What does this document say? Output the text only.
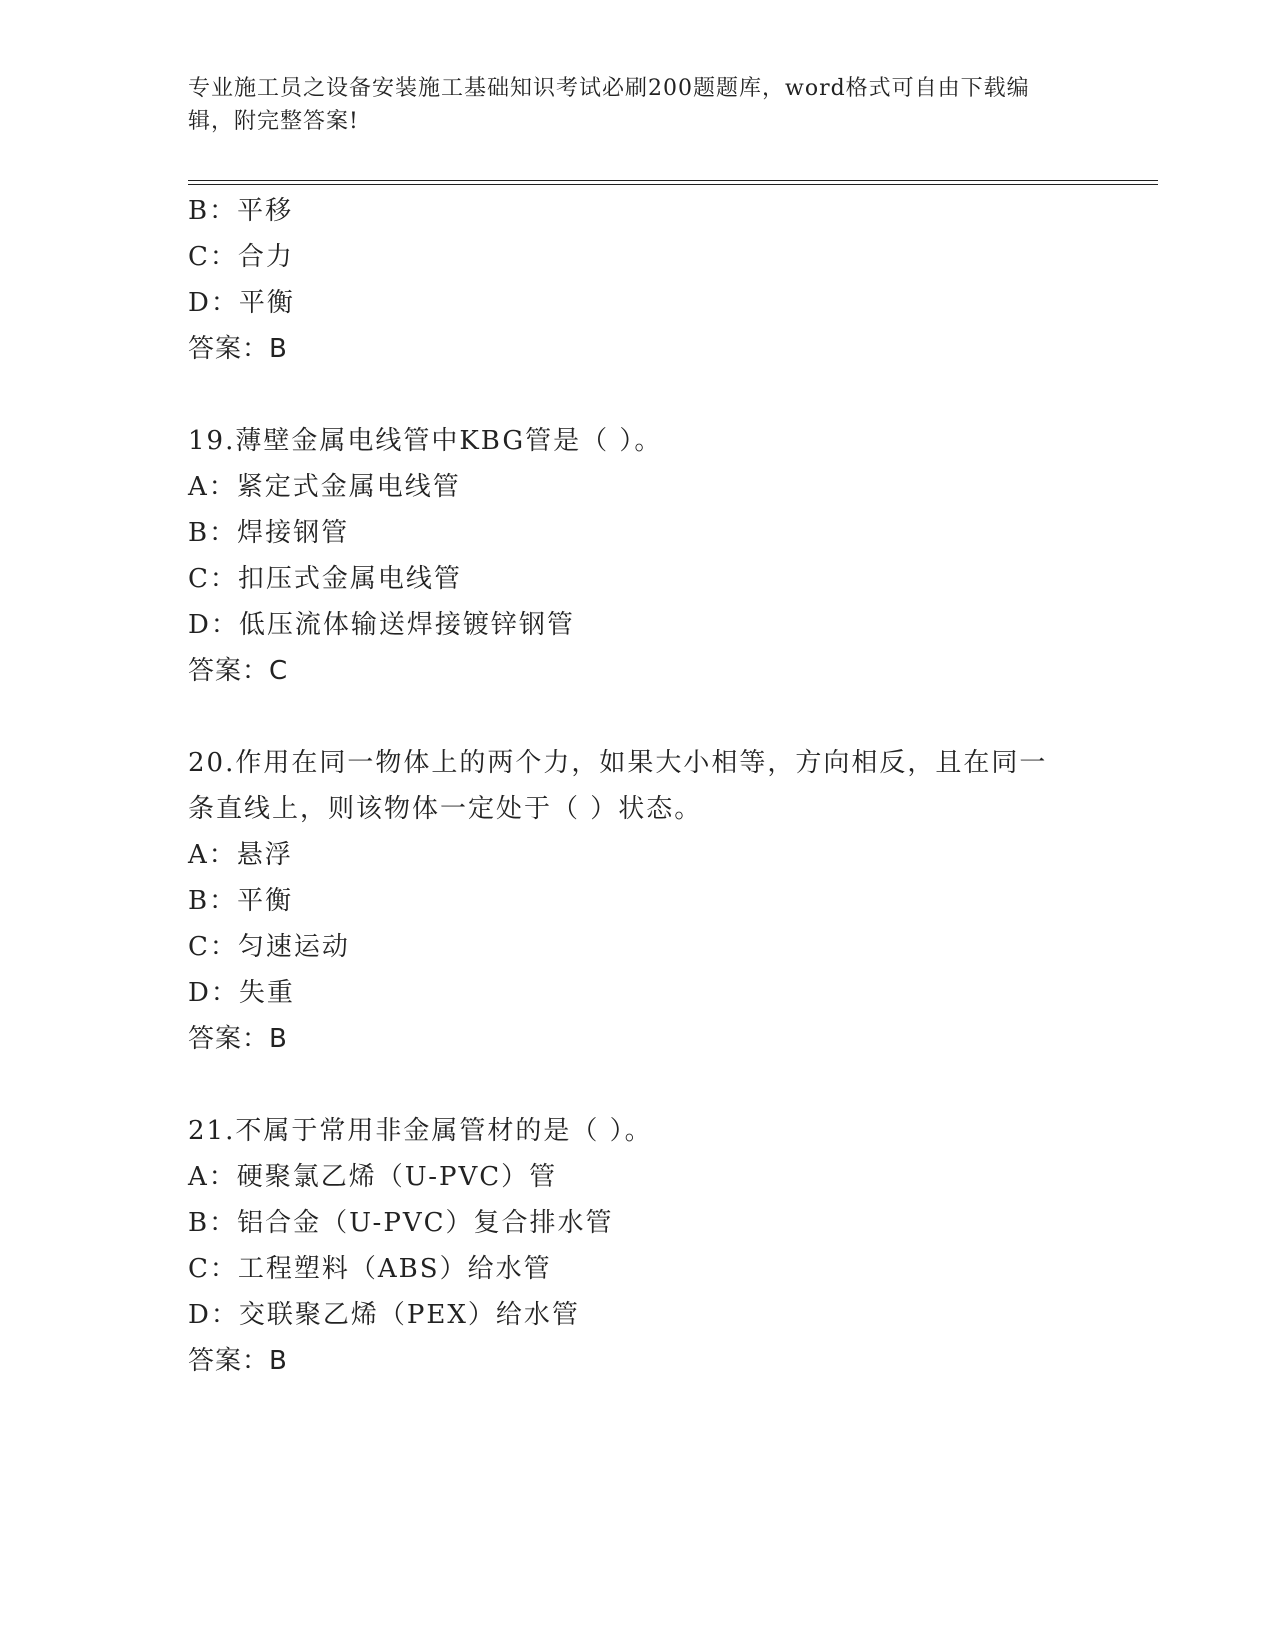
专业施工员之设备安装施工基础知识考试必刷200题题库，word格式可自由下载编辑，附完整答案!
B：平移
C：合力
D：平衡
答案：B
19.薄壁金属电线管中KBG管是（ ）。
A：紧定式金属电线管
B：焊接钢管
C：扣压式金属电线管
D：低压流体输送焊接镀锌钢管
答案：C
20.作用在同一物体上的两个力，如果大小相等，方向相反，且在同一条直线上，则该物体一定处于（ ）状态。
A：悬浮
B：平衡
C：匀速运动
D：失重
答案：B
21.不属于常用非金属管材的是（ ）。
A：硬聚氯乙烯（U-PVC）管
B：铝合金（U-PVC）复合排水管
C：工程塑料（ABS）给水管
D：交联聚乙烯（PEX）给水管
答案：B
